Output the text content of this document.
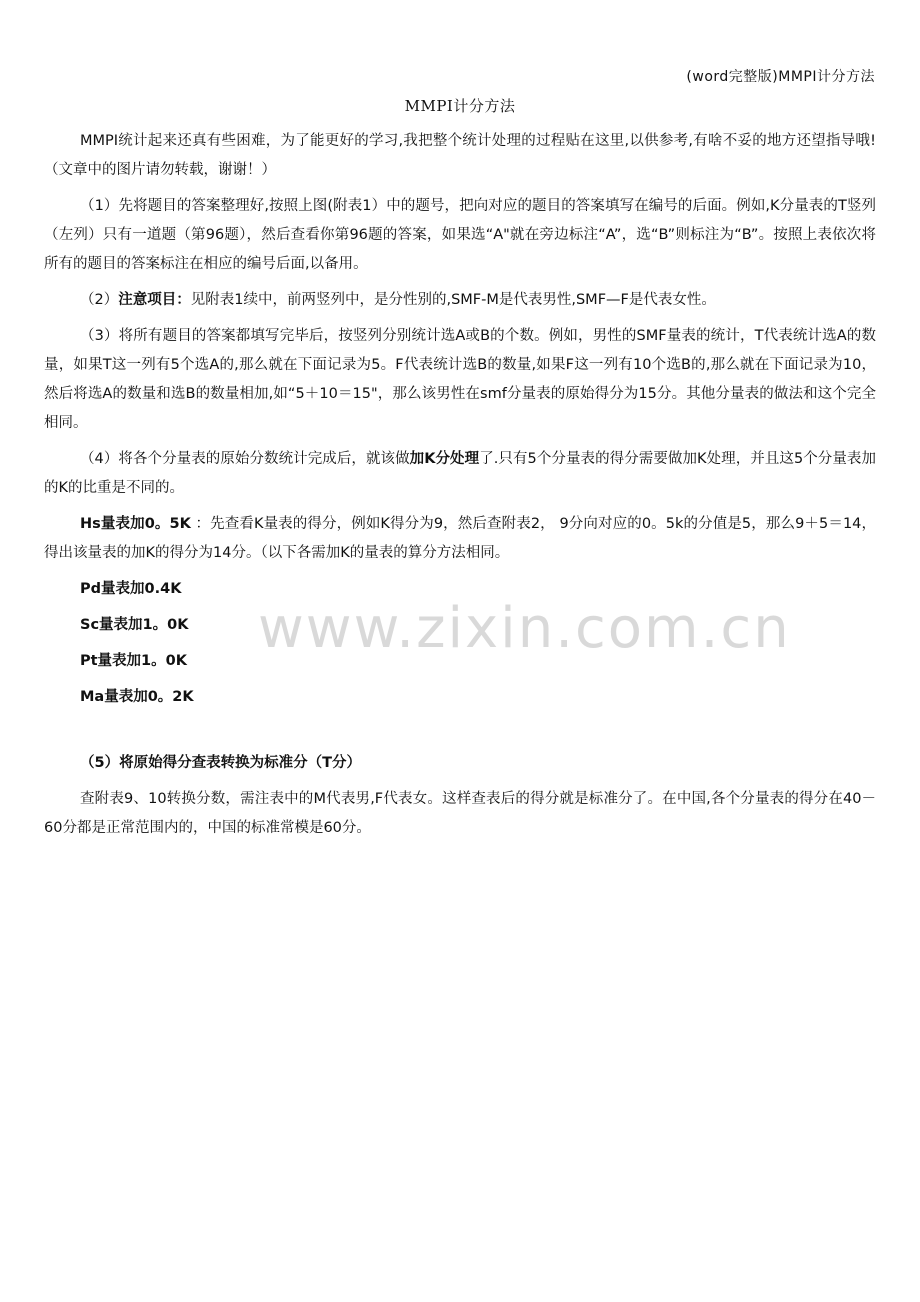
(word完整版)MMPI计分方法
MMPI计分方法
www.zixin.com.cn

MMPI统计起来还真有些困难，为了能更好的学习,我把整个统计处理的过程贴在这里,以供参考,有啥不妥的地方还望指导哦!（文章中的图片请勿转载，谢谢！）

（1）先将题目的答案整理好,按照上图(附表1）中的题号，把向对应的题目的答案填写在编号的后面。例如,K分量表的T竖列（左列）只有一道题（第96题），然后查看你第96题的答案，如果选“A"就在旁边标注“A”，选“B”则标注为“B”。按照上表依次将所有的题目的答案标注在相应的编号后面,以备用。

（2）注意项目：见附表1续中，前两竖列中，是分性别的,SMF-M是代表男性,SMF—F是代表女性。

（3）将所有题目的答案都填写完毕后，按竖列分别统计选A或B的个数。例如，男性的SMF量表的统计，T代表统计选A的数量，如果T这一列有5个选A的,那么就在下面记录为5。F代表统计选B的数量,如果F这一列有10个选B的,那么就在下面记录为10，然后将选A的数量和选B的数量相加,如“5＋10＝15"，那么该男性在smf分量表的原始得分为15分。其他分量表的做法和这个完全相同。

（4）将各个分量表的原始分数统计完成后，就该做加K分处理了.只有5个分量表的得分需要做加K处理，并且这5个分量表加的K的比重是不同的。

Hs量表加0。5K ：先查看K量表的得分，例如K得分为9，然后查附表2， 9分向对应的0。5k的分值是5，那么9＋5＝14，得出该量表的加K的得分为14分。（以下各需加K的量表的算分方法相同。

Pd量表加0.4K
Sc量表加1。0K
Pt量表加1。0K
Ma量表加0。2K

（5）将原始得分查表转换为标准分（T分）

查附表9、10转换分数，需注表中的M代表男,F代表女。这样查表后的得分就是标准分了。在中国,各个分量表的得分在40－60分都是正常范围内的，中国的标准常模是60分。
